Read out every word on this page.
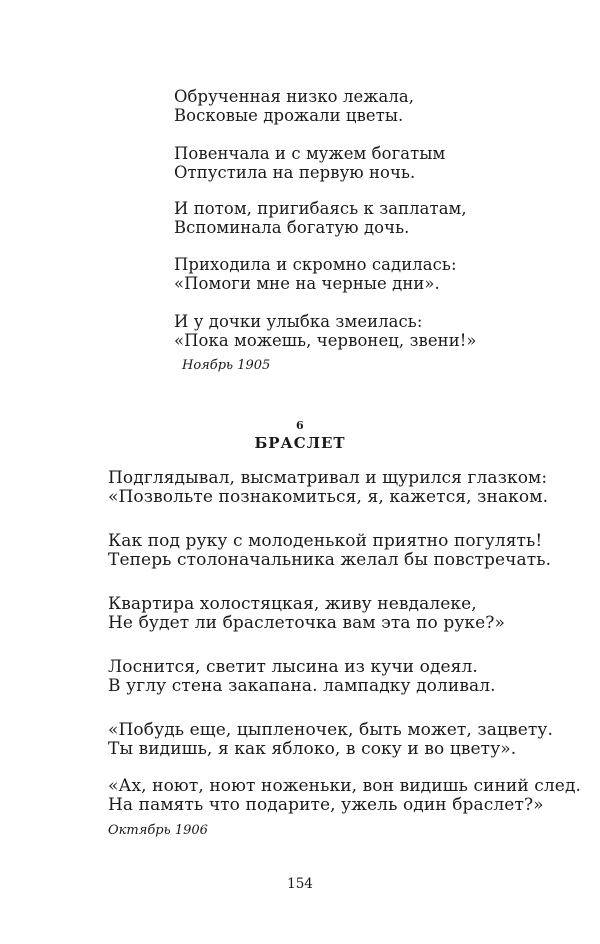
Обрученная низко лежала,
Восковые дрожали цветы.
Повенчала и с мужем богатым
Отпустила на первую ночь.
И потом, пригибаясь к заплатам,
Вспоминала богатую дочь.
Приходила и скромно садилась:
«Помоги мне на черные дни».
И у дочки улыбка змеилась:
«Пока можешь, червонец, звени!»
Ноябрь 1905
6
БРАСЛЕТ
Подглядывал, высматривал и щурился глазком:
«Позвольте познакомиться, я, кажется, знаком.
Как под руку с молоденькой приятно погулять!
Теперь столоначальника желал бы повстречать.
Квартира холостяцкая, живу невдалеке,
Не будет ли браслеточка вам эта по руке?»
Лоснится, светит лысина из кучи одеял.
В углу стена закапана. лампадку доливал.
«Побудь еще, цыпленочек, быть может, зацвету.
Ты видишь, я как яблоко, в соку и во цвету».
«Ах, ноют, ноют ноженьки, вон видишь синий след.
На память что подарите, ужель один браслет?»
Октябрь 1906
154
